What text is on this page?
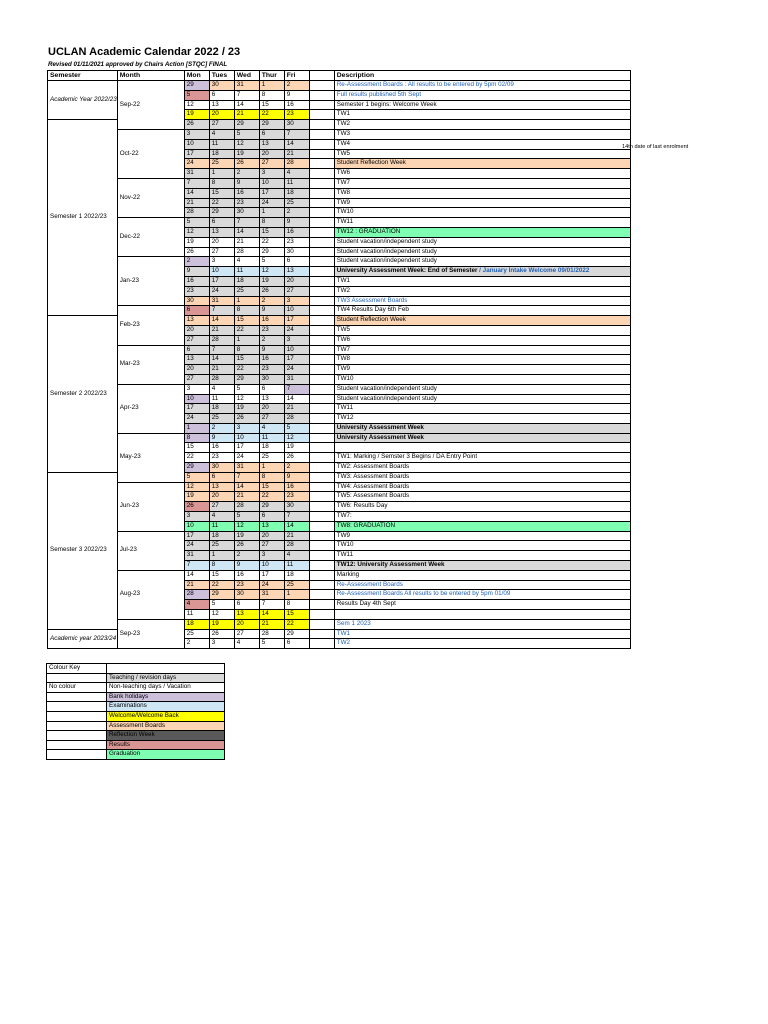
UCLAN Academic Calendar 2022 / 23
Revised 01/11/2021 approved by Chairs Action [STQC] FINAL
Semester	Month	Mon	Tues	Wed	Thur	Fri		Description
Academic Year 2022/23	Sep-22	29	30	31	1	2		Re-Assessment Boards : All results to be entered by 5pm 02/09
		5	6	7	8	9		Full results published 5th Sept
		12	13	14	15	16		Semester 1 begins: Welcome Week
		19	20	21	22	23		TW1
Semester 1 2022/23		26	27	29	29	30		TW2
	Oct-22	3	4	5	6	7		TW3
		10	11	12	13	14		TW4
		17	18	19	20	21		TW5
		24	25	26	27	28		Student Reflection Week
		31	1	2	3	4		TW6
	Nov-22	7	8	9	10	11		TW7
		14	15	16	17	18		TW8
		21	22	23	24	25		TW9
		28	29	30	1	2		TW10
	Dec-22	5	6	7	8	9		TW11
		12	13	14	15	16		TW12 : GRADUATION
		19	20	21	22	23		Student vacation/independent study
		26	27	28	29	30		Student vacation/independent study
	Jan-23	2	3	4	5	6		Student vacation/independent study
		9	10	11	12	13		University Assessment Week: End of Semester / January Intake Welcome 09/01/2022
		16	17	18	19	20		TW1
		23	24	25	26	27		TW2
		30	31	1	2	3		TW3 Assessment Boards
	Feb-23	6	7	8	9	10		TW4 Results Day 6th Feb
Semester 2 2022/23		13	14	15	16	17		Student Reflection Week
		20	21	22	23	24		TW5
		27	28	1	2	3		TW6
	Mar-23	6	7	8	9	10		TW7
		13	14	15	16	17		TW8
		20	21	22	23	24		TW9
		27	28	29	30	31		TW10
	Apr-23	3	4	5	6	7		Student vacation/independent study
		10	11	12	13	14		Student vacation/independent study
		17	18	19	20	21		TW11
		24	25	26	27	28		TW12
		1	2	3	4	5		University Assessment Week
	May-23	8	9	10	11	12		University Assessment Week
		15	16	17	18	19		
		22	23	24	25	26		TW1: Marking / Semster 3 Begins / DA Entry Point
		29	30	31	1	2		TW2: Assessment Boards
Semester 3 2022/23		5	6	7	8	9		TW3: Assessment Boards
	Jun-23	12	13	14	15	16		TW4: Assessment Boards
		19	20	21	22	23		TW5: Assessment Boards
		26	27	28	29	30		TW6: Results Day
		3	4	5	6	7		TW7:
		10	11	12	13	14		TW8: GRADUATION
	Jul-23	17	18	19	20	21		TW9
		24	25	26	27	28		TW10
		31	1	2	3	4		TW11
		7	8	9	10	11		TW12: University Assessment Week
	Aug-23	14	15	16	17	18		Marking
		21	22	23	24	25		Re-Assessment Boards
		28	29	30	31	1		Re-Assessment Boards All results to be entered by 5pm 01/09
		4	5	6	7	8		Results Day 4th Sept
		11	12	13	14	15		
	Sep-23	18	19	20	21	22		Sem 1 2023
Academic year 2023/24		25	26	27	28	29		TW1
		2	3	4	5	6		TW2
14th date of last enrolment
Colour Key	
	Teaching / revision days
No colour	Non-teaching days / Vacation
	Bank holidays
	Examinations
	Welcome/Welcome Back
	Assessment Boards
	Reflection Week
	Results
	Graduation
